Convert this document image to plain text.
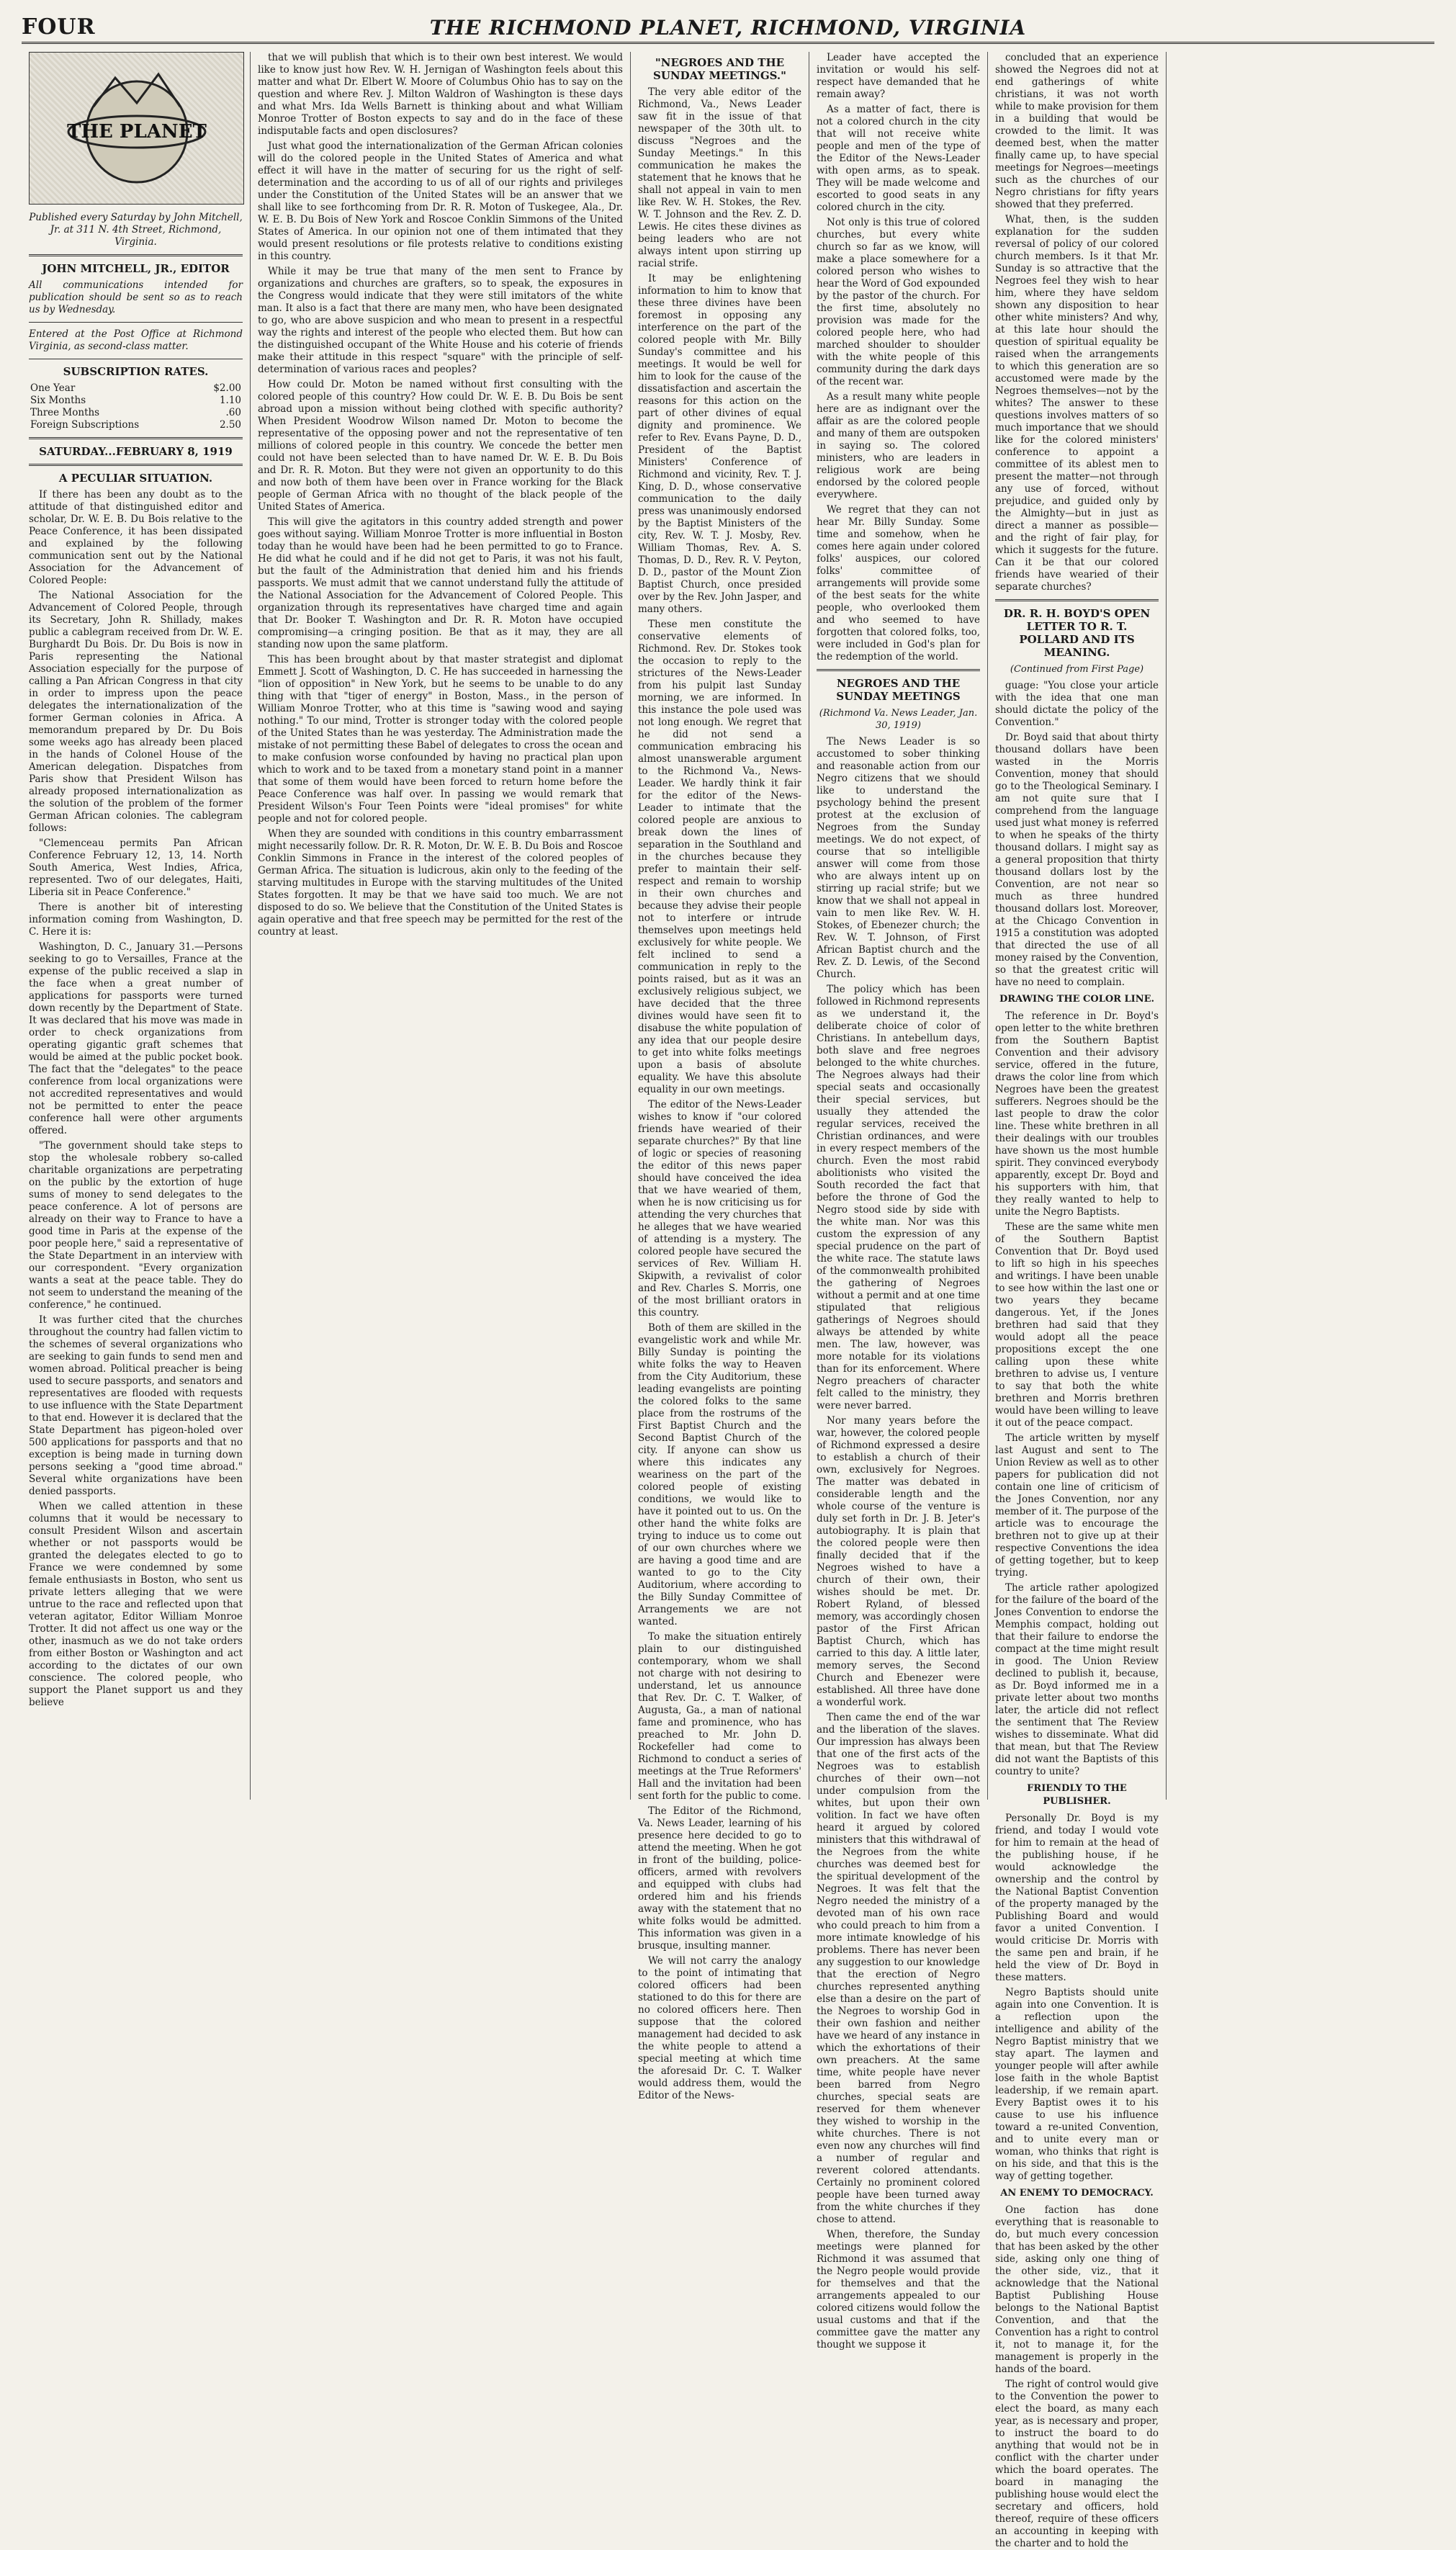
FOUR	THE RICHMOND PLANET, RICHMOND, VIRGINIA
THE PLANET

Published every Saturday by John Mitchell, Jr. at 311 N. 4th Street, Richmond, Virginia.

JOHN MITCHELL, JR., EDITOR

All communications intended for publication should be sent so as to reach us by Wednesday.

Entered at the Post Office at Richmond Virginia, as second-class matter.

SUBSCRIPTION RATES.
One Year	$2.00
Six Months	1.10
Three Months	.60
Foreign Subscriptions	2.50
SATURDAY...FEBRUARY 8, 1919
A PECULIAR SITUATION.

If there has been any doubt as to the attitude of that distinguished editor and scholar, Dr. W. E. B. Du Bois relative to the Peace Conference, it has been dissipated and explained by the following communication sent out by the National Association for the Advancement of Colored People:

The National Association for the Advancement of Colored People, through its Secretary, John R. Shillady, makes public a cablegram received from Dr. W. E. Burghardt Du Bois. Dr. Du Bois is now in Paris representing the National Association especially for the purpose of calling a Pan African Congress in that city in order to impress upon the peace delegates the internationalization of the former German colonies in Africa. A memorandum prepared by Dr. Du Bois some weeks ago has already been placed in the hands of Colonel House of the American delegation. Dispatches from Paris show that President Wilson has already proposed internationalization as the solution of the problem of the former German African colonies. The cablegram follows:

"Clemenceau permits Pan African Conference February 12, 13, 14. North South America, West Indies, Africa, represented. Two of our delegates, Haiti, Liberia sit in Peace Conference."

There is another bit of interesting information coming from Washington, D. C. Here it is:

Washington, D. C., January 31.—Persons seeking to go to Versailles, France at the expense of the public received a slap in the face when a great number of applications for passports were turned down recently by the Department of State. It was declared that his move was made in order to check organizations from operating gigantic graft schemes that would be aimed at the public pocket book. The fact that the "delegates" to the peace conference from local organizations were not accredited representatives and would not be permitted to enter the peace conference hall were other arguments offered.

"The government should take steps to stop the wholesale robbery so-called charitable organizations are perpetrating on the public by the extortion of huge sums of money to send delegates to the peace conference. A lot of persons are already on their way to France to have a good time in Paris at the expense of the poor people here," said a representative of the State Department in an interview with our correspondent. "Every organization wants a seat at the peace table. They do not seem to understand the meaning of the conference," he continued.

It was further cited that the churches throughout the country had fallen victim to the schemes of several organizations who are seeking to gain funds to send men and women abroad. Political preacher is being used to secure passports, and senators and representatives are flooded with requests to use influence with the State Department to that end. However it is declared that the State Department has pigeon-holed over 500 applications for passports and that no exception is being made in turning down persons seeking a "good time abroad." Several white organizations have been denied passports.

When we called attention in these columns that it would be necessary to consult President Wilson and ascertain whether or not passports would be granted the delegates elected to go to France we were condemned by some female enthusiasts in Boston, who sent us private letters alleging that we were untrue to the race and reflected upon that veteran agitator, Editor William Monroe Trotter. It did not affect us one way or the other, inasmuch as we do not take orders from either Boston or Washington and act according to the dictates of our own conscience. The colored people, who support the Planet support us and they believe

that we will publish that which is to their own best interest. We would like to know just how Rev. W. H. Jernigan of Washington feels about this matter and what Dr. Elbert W. Moore of Columbus Ohio has to say on the question and where Rev. J. Milton Waldron of Washington is these days and what Mrs. Ida Wells Barnett is thinking about and what William Monroe Trotter of Boston expects to say and do in the face of these indisputable facts and open disclosures?

Just what good the internationalization of the German African colonies will do the colored people in the United States of America and what effect it will have in the matter of securing for us the right of self-determination and the according to us of all of our rights and privileges under the Constitution of the United States will be an answer that we shall like to see forthcoming from Dr. R. R. Moton of Tuskegee, Ala., Dr. W. E. B. Du Bois of New York and Roscoe Conklin Simmons of the United States of America. In our opinion not one of them intimated that they would present resolutions or file protests relative to conditions existing in this country.

While it may be true that many of the men sent to France by organizations and churches are grafters, so to speak, the exposures in the Congress would indicate that they were still imitators of the white man. It also is a fact that there are many men, who have been designated to go, who are above suspicion and who mean to present in a respectful way the rights and interest of the people who elected them. But how can the distinguished occupant of the White House and his coterie of friends make their attitude in this respect "square" with the principle of self-determination of various races and peoples?

How could Dr. Moton be named without first consulting with the colored people of this country? How could Dr. W. E. B. Du Bois be sent abroad upon a mission without being clothed with specific authority? When President Woodrow Wilson named Dr. Moton to become the representative of the opposing power and not the representative of ten millions of colored people in this country. We concede the better men could not have been selected than to have named Dr. W. E. B. Du Bois and Dr. R. R. Moton. But they were not given an opportunity to do this and now both of them have been over in France working for the Black people of German Africa with no thought of the black people of the United States of America.

This will give the agitators in this country added strength and power goes without saying. William Monroe Trotter is more influential in Boston today than he would have been had he been permitted to go to France. He did what he could and if he did not get to Paris, it was not his fault, but the fault of the Administration that denied him and his friends passports. We must admit that we cannot understand fully the attitude of the National Association for the Advancement of Colored People. This organization through its representatives have charged time and again that Dr. Booker T. Washington and Dr. R. R. Moton have occupied compromising—a cringing position. Be that as it may, they are all standing now upon the same platform.

This has been brought about by that master strategist and diplomat Emmett J. Scott of Washington, D. C. He has succeeded in harnessing the "lion of opposition" in New York, but he seems to be unable to do any thing with that "tiger of energy" in Boston, Mass., in the person of William Monroe Trotter, who at this time is "sawing wood and saying nothing." To our mind, Trotter is stronger today with the colored people of the United States than he was yesterday. The Administration made the mistake of not permitting these Babel of delegates to cross the ocean and to make confusion worse confounded by having no practical plan upon which to work and to be taxed from a monetary stand point in a manner that some of them would have been forced to return home before the Peace Conference was half over. In passing we would remark that President Wilson's Four Teen Points were "ideal promises" for white people and not for colored people.

When they are sounded with conditions in this country embarrassment might necessarily follow. Dr. R. R. Moton, Dr. W. E. B. Du Bois and Roscoe Conklin Simmons in France in the interest of the colored peoples of German Africa. The situation is ludicrous, akin only to the feeding of the starving multitudes in Europe with the starving multitudes of the United States forgotten. It may be that we have said too much. We are not disposed to do so. We believe that the Constitution of the United States is again operative and that free speech may be permitted for the rest of the country at least.

"NEGROES AND THE SUNDAY MEETINGS."

The very able editor of the Richmond, Va., News Leader saw fit in the issue of that newspaper of the 30th ult. to discuss "Negroes and the Sunday Meetings." In this communication he makes the statement that he knows that he shall not appeal in vain to men like Rev. W. H. Stokes, the Rev. W. T. Johnson and the Rev. Z. D. Lewis. He cites these divines as being leaders who are not always intent upon stirring up racial strife.

It may be enlightening information to him to know that these three divines have been foremost in opposing any interference on the part of the colored people with Mr. Billy Sunday's committee and his meetings. It would be well for him to look for the cause of the dissatisfaction and ascertain the reasons for this action on the part of other divines of equal dignity and prominence. We refer to Rev. Evans Payne, D. D., President of the Baptist Ministers' Conference of Richmond and vicinity, Rev. T. J. King, D. D., whose conservative communication to the daily press was unanimously endorsed by the Baptist Ministers of the city, Rev. W. T. J. Mosby, Rev. William Thomas, Rev. A. S. Thomas, D. D., Rev. R. V. Peyton, D. D., pastor of the Mount Zion Baptist Church, once presided over by the Rev. John Jasper, and many others.

These men constitute the conservative elements of Richmond. Rev. Dr. Stokes took the occasion to reply to the strictures of the News-Leader from his pulpit last Sunday morning, we are informed. In this instance the pole used was not long enough. We regret that he did not send a communication embracing his almost unanswerable argument to the Richmond Va., News-Leader. We hardly think it fair for the editor of the News-Leader to intimate that the colored people are anxious to break down the lines of separation in the Southland and in the churches because they prefer to maintain their self-respect and remain to worship in their own churches and because they advise their people not to interfere or intrude themselves upon meetings held exclusively for white people. We felt inclined to send a communication in reply to the points raised, but as it was an exclusively religious subject, we have decided that the three divines would have seen fit to disabuse the white population of any idea that our people desire to get into white folks meetings upon a basis of absolute equality. We have this absolute equality in our own meetings.

The editor of the News-Leader wishes to know if "our colored friends have wearied of their separate churches?" By that line of logic or species of reasoning the editor of this news paper should have conceived the idea that we have wearied of them, when he is now criticising us for attending the very churches that he alleges that we have wearied of attending is a mystery. The colored people have secured the services of Rev. William H. Skipwith, a revivalist of color and Rev. Charles S. Morris, one of the most brilliant orators in this country.

Both of them are skilled in the evangelistic work and while Mr. Billy Sunday is pointing the white folks the way to Heaven from the City Auditorium, these leading evangelists are pointing the colored folks to the same place from the rostrums of the First Baptist Church and the Second Baptist Church of the city. If anyone can show us where this indicates any weariness on the part of the colored people of existing conditions, we would like to have it pointed out to us. On the other hand the white folks are trying to induce us to come out of our own churches where we are having a good time and are wanted to go to the City Auditorium, where according to the Billy Sunday Committee of Arrangements we are not wanted.

To make the situation entirely plain to our distinguished contemporary, whom we shall not charge with not desiring to understand, let us announce that Rev. Dr. C. T. Walker, of Augusta, Ga., a man of national fame and prominence, who has preached to Mr. John D. Rockefeller had come to Richmond to conduct a series of meetings at the True Reformers' Hall and the invitation had been sent forth for the public to come.

The Editor of the Richmond, Va. News Leader, learning of his presence here decided to go to attend the meeting. When he got in front of the building, police-officers, armed with revolvers and equipped with clubs had ordered him and his friends away with the statement that no white folks would be admitted. This information was given in a brusque, insulting manner.

We will not carry the analogy to the point of intimating that colored officers had been stationed to do this for there are no colored officers here. Then suppose that the colored management had decided to ask the white people to attend a special meeting at which time the aforesaid Dr. C. T. Walker would address them, would the Editor of the News-

Leader have accepted the invitation or would his self-respect have demanded that he remain away?

As a matter of fact, there is not a colored church in the city that will not receive white people and men of the type of the Editor of the News-Leader with open arms, as to speak. They will be made welcome and escorted to good seats in any colored church in the city.

Not only is this true of colored churches, but every white church so far as we know, will make a place somewhere for a colored person who wishes to hear the Word of God expounded by the pastor of the church. For the first time, absolutely no provision was made for the colored people here, who had marched shoulder to shoulder with the white people of this community during the dark days of the recent war.

As a result many white people here are as indignant over the affair as are the colored people and many of them are outspoken in saying so. The colored ministers, who are leaders in religious work are being endorsed by the colored people everywhere.

We regret that they can not hear Mr. Billy Sunday. Some time and somehow, when he comes here again under colored folks' auspices, our colored folks' committee of arrangements will provide some of the best seats for the white people, who overlooked them and who seemed to have forgotten that colored folks, too, were included in God's plan for the redemption of the world.

NEGROES AND THE SUNDAY MEETINGS
(Richmond Va. News Leader, Jan. 30, 1919)

The News Leader is so accustomed to sober thinking and reasonable action from our Negro citizens that we should like to understand the psychology behind the present protest at the exclusion of Negroes from the Sunday meetings. We do not expect, of course that so intelligible answer will come from those who are always intent up on stirring up racial strife; but we know that we shall not appeal in vain to men like Rev. W. H. Stokes, of Ebenezer church; the Rev. W. T. Johnson, of First African Baptist church and the Rev. Z. D. Lewis, of the Second Church.

The policy which has been followed in Richmond represents as we understand it, the deliberate choice of color of Christians. In antebellum days, both slave and free negroes belonged to the white churches. The Negroes always had their special seats and occasionally their special services, but usually they attended the regular services, received the Christian ordinances, and were in every respect members of the church. Even the most rabid abolitionists who visited the South recorded the fact that before the throne of God the Negro stood side by side with the white man. Nor was this custom the expression of any special prudence on the part of the white race. The statute laws of the commonwealth prohibited the gathering of Negroes without a permit and at one time stipulated that religious gatherings of Negroes should always be attended by white men. The law, however, was more notable for its violations than for its enforcement. Where Negro preachers of character felt called to the ministry, they were never barred.

Nor many years before the war, however, the colored people of Richmond expressed a desire to establish a church of their own, exclusively for Negroes. The matter was debated in considerable length and the whole course of the venture is duly set forth in Dr. J. B. Jeter's autobiography. It is plain that the colored people were then finally decided that if the Negroes wished to have a church of their own, their wishes should be met. Dr. Robert Ryland, of blessed memory, was accordingly chosen pastor of the First African Baptist Church, which has carried to this day. A little later, memory serves, the Second Church and Ebenezer were established. All three have done a wonderful work.

Then came the end of the war and the liberation of the slaves. Our impression has always been that one of the first acts of the Negroes was to establish churches of their own—not under compulsion from the whites, but upon their own volition. In fact we have often heard it argued by colored ministers that this withdrawal of the Negroes from the white churches was deemed best for the spiritual development of the Negroes. It was felt that the Negro needed the ministry of a devoted man of his own race who could preach to him from a more intimate knowledge of his problems. There has never been any suggestion to our knowledge that the erection of Negro churches represented anything else than a desire on the part of the Negroes to worship God in their own fashion and neither have we heard of any instance in which the exhortations of their own preachers. At the same time, white people have never been barred from Negro churches, special seats are reserved for them whenever they wished to worship in the white churches. There is not even now any churches will find a number of regular and reverent colored attendants. Certainly no prominent colored people have been turned away from the white churches if they chose to attend.

When, therefore, the Sunday meetings were planned for Richmond it was assumed that the Negro people would provide for themselves and that the arrangements appealed to our colored citizens would follow the usual customs and that if the committee gave the matter any thought we suppose it

concluded that an experience showed the Negroes did not at end gatherings of white christians, it was not worth while to make provision for them in a building that would be crowded to the limit. It was deemed best, when the matter finally came up, to have special meetings for Negroes—meetings such as the churches of our Negro christians for fifty years showed that they preferred.

What, then, is the sudden explanation for the sudden reversal of policy of our colored church members. Is it that Mr. Sunday is so attractive that the Negroes feel they wish to hear him, where they have seldom shown any disposition to hear other white ministers? And why, at this late hour should the question of spiritual equality be raised when the arrangements to which this generation are so accustomed were made by the Negroes themselves—not by the whites? The answer to these questions involves matters of so much importance that we should like for the colored ministers' conference to appoint a committee of its ablest men to present the matter—not through any use of forced, without prejudice, and guided only by the Almighty—but in just as direct a manner as possible—and the right of fair play, for which it suggests for the future. Can it be that our colored friends have wearied of their separate churches?

DR. R. H. BOYD'S OPEN LETTER TO R. T. POLLARD AND ITS MEANING.
(Continued from First Page)

guage: "You close your article with the idea that one man should dictate the policy of the Convention."

Dr. Boyd said that about thirty thousand dollars have been wasted in the Morris Convention, money that should go to the Theological Seminary. I am not quite sure that I comprehend from the language used just what money is referred to when he speaks of the thirty thousand dollars. I might say as a general proposition that thirty thousand dollars lost by the Convention, are not near so much as three hundred thousand dollars lost. Moreover, at the Chicago Convention in 1915 a constitution was adopted that directed the use of all money raised by the Convention, so that the greatest critic will have no need to complain.

DRAWING THE COLOR LINE.

The reference in Dr. Boyd's open letter to the white brethren from the Southern Baptist Convention and their advisory service, offered in the future, draws the color line from which Negroes have been the greatest sufferers. Negroes should be the last people to draw the color line. These white brethren in all their dealings with our troubles have shown us the most humble spirit. They convinced everybody apparently, except Dr. Boyd and his supporters with him, that they really wanted to help to unite the Negro Baptists.

These are the same white men of the Southern Baptist Convention that Dr. Boyd used to lift so high in his speeches and writings. I have been unable to see how within the last one or two years they became dangerous. Yet, if the Jones brethren had said that they would adopt all the peace propositions except the one calling upon these white brethren to advise us, I venture to say that both the white brethren and Morris brethren would have been willing to leave it out of the peace compact.

The article written by myself last August and sent to The Union Review as well as to other papers for publication did not contain one line of criticism of the Jones Convention, nor any member of it. The purpose of the article was to encourage the brethren not to give up at their respective Conventions the idea of getting together, but to keep trying.

The article rather apologized for the failure of the board of the Jones Convention to endorse the Memphis compact, holding out that their failure to endorse the compact at the time might result in good. The Union Review declined to publish it, because, as Dr. Boyd informed me in a private letter about two months later, the article did not reflect the sentiment that The Review wishes to disseminate. What did that mean, but that The Review did not want the Baptists of this country to unite?

FRIENDLY TO THE PUBLISHER.

Personally Dr. Boyd is my friend, and today I would vote for him to remain at the head of the publishing house, if he would acknowledge the ownership and the control by the National Baptist Convention of the property managed by the Publishing Board and would favor a united Convention. I would criticise Dr. Morris with the same pen and brain, if he held the view of Dr. Boyd in these matters.

Negro Baptists should unite again into one Convention. It is a reflection upon the intelligence and ability of the Negro Baptist ministry that we stay apart. The laymen and younger people will after awhile lose faith in the whole Baptist leadership, if we remain apart. Every Baptist owes it to his cause to use his influence toward a re-united Convention, and to unite every man or woman, who thinks that right is on his side, and that this is the way of getting together.

AN ENEMY TO DEMOCRACY.

One faction has done everything that is reasonable to do, but much every concession that has been asked by the other side, asking only one thing of the other side, viz., that it acknowledge that the National Baptist Publishing House belongs to the National Baptist Convention, and that the Convention has a right to control it, not to manage it, for the management is properly in the hands of the board.

The right of control would give to the Convention the power to elect the board, as many each year, as is necessary and proper, to instruct the board to do anything that would not be in conflict with the charter under which the board operates. The board in managing the publishing house would elect the secretary and officers, hold thereof, require of these officers an accounting in keeping with the charter and to hold the
